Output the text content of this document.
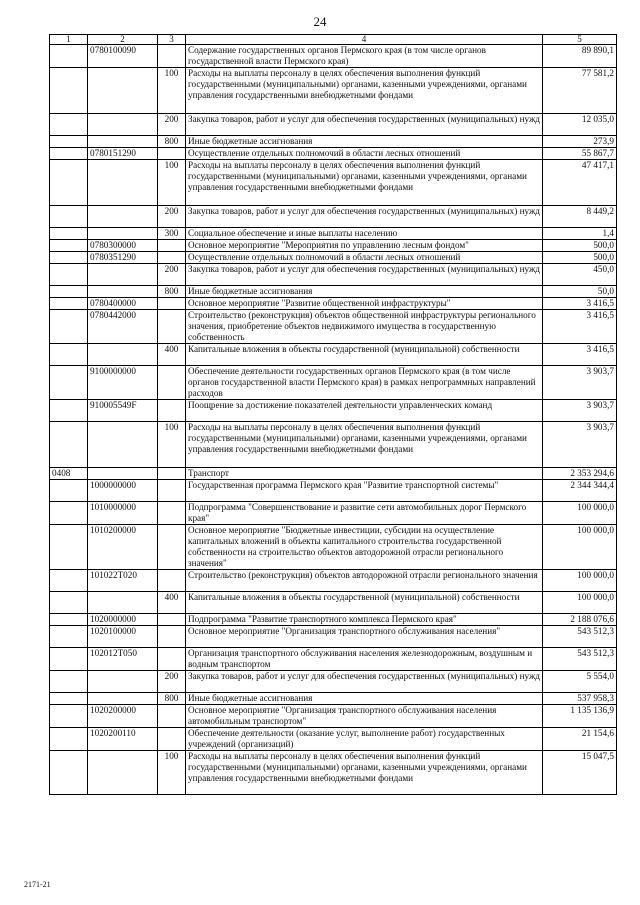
24
1	2	3	4	5
	0780100090		Содержание государственных органов Пермского края (в том числе органов государственной власти Пермского края)	89 890,1
		100	Расходы на выплаты персоналу в целях обеспечения выполнения функций государственными (муниципальными) органами, казенными учреждениями, органами управления государственными внебюджетными фондами	77 581,2
		200	Закупка товаров, работ и услуг для обеспечения государственных (муниципальных) нужд	12 035,0
		800	Иные бюджетные ассигнования	273,9
	0780151290		Осуществление отдельных полномочий в области лесных отношений	55 867,7
		100	Расходы на выплаты персоналу в целях обеспечения выполнения функций государственными (муниципальными) органами, казенными учреждениями, органами управления государственными внебюджетными фондами	47 417,1
		200	Закупка товаров, работ и услуг для обеспечения государственных (муниципальных) нужд	8 449,2
		300	Социальное обеспечение и иные выплаты населению	1,4
	0780300000		Основное мероприятие "Мероприятия по управлению лесным фондом"	500,0
	0780351290		Осуществление отдельных полномочий в области лесных отношений	500,0
		200	Закупка товаров, работ и услуг для обеспечения государственных (муниципальных) нужд	450,0
		800	Иные бюджетные ассигнования	50,0
	0780400000		Основное мероприятие "Развитие общественной инфраструктуры"	3 416,5
	0780442000		Строительство (реконструкция) объектов общественной инфраструктуры регионального значения, приобретение объектов недвижимого имущества в государственную собственность	3 416,5
		400	Капитальные вложения в объекты государственной (муниципальной) собственности	3 416,5
	9100000000		Обеспечение деятельности государственных органов Пермского края (в том числе органов государственной власти Пермского края) в рамках непрограммных направлений расходов	3 903,7
	910005549F		Поощрение за достижение показателей деятельности управленческих команд	3 903,7
		100	Расходы на выплаты персоналу в целях обеспечения выполнения функций государственными (муниципальными) органами, казенными учреждениями, органами управления государственными внебюджетными фондами	3 903,7
0408			Транспорт	2 353 294,6
	1000000000		Государственная программа Пермского края "Развитие транспортной системы"	2 344 344,4
	1010000000		Подпрограмма "Совершенствование и развитие сети автомобильных дорог Пермского края"	100 000,0
	1010200000		Основное мероприятие "Бюджетные инвестиции, субсидии на осуществление капитальных вложений в объекты капитального строительства государственной собственности на строительство объектов автодорожной отрасли регионального значения"	100 000,0
	101022T020		Строительство (реконструкция) объектов автодорожной отрасли регионального значения	100 000,0
		400	Капитальные вложения в объекты государственной (муниципальной) собственности	100 000,0
	1020000000		Подпрограмма "Развитие транспортного комплекса Пермского края"	2 188 076,6
	1020100000		Основное мероприятие "Организация транспортного обслуживания населения"	543 512,3
	102012T050		Организация транспортного обслуживания населения железнодорожным, воздушным и водным транспортом	543 512,3
		200	Закупка товаров, работ и услуг для обеспечения государственных (муниципальных) нужд	5 554,0
		800	Иные бюджетные ассигнования	537 958,3
	1020200000		Основное мероприятие "Организация транспортного обслуживания населения автомобильным транспортом"	1 135 136,9
	1020200110		Обеспечение деятельности (оказание услуг, выполнение работ) государственных учреждений (организаций)	21 154,6
		100	Расходы на выплаты персоналу в целях обеспечения выполнения функций государственными (муниципальными) органами, казенными учреждениями, органами управления государственными внебюджетными фондами	15 047,5
2171-21
